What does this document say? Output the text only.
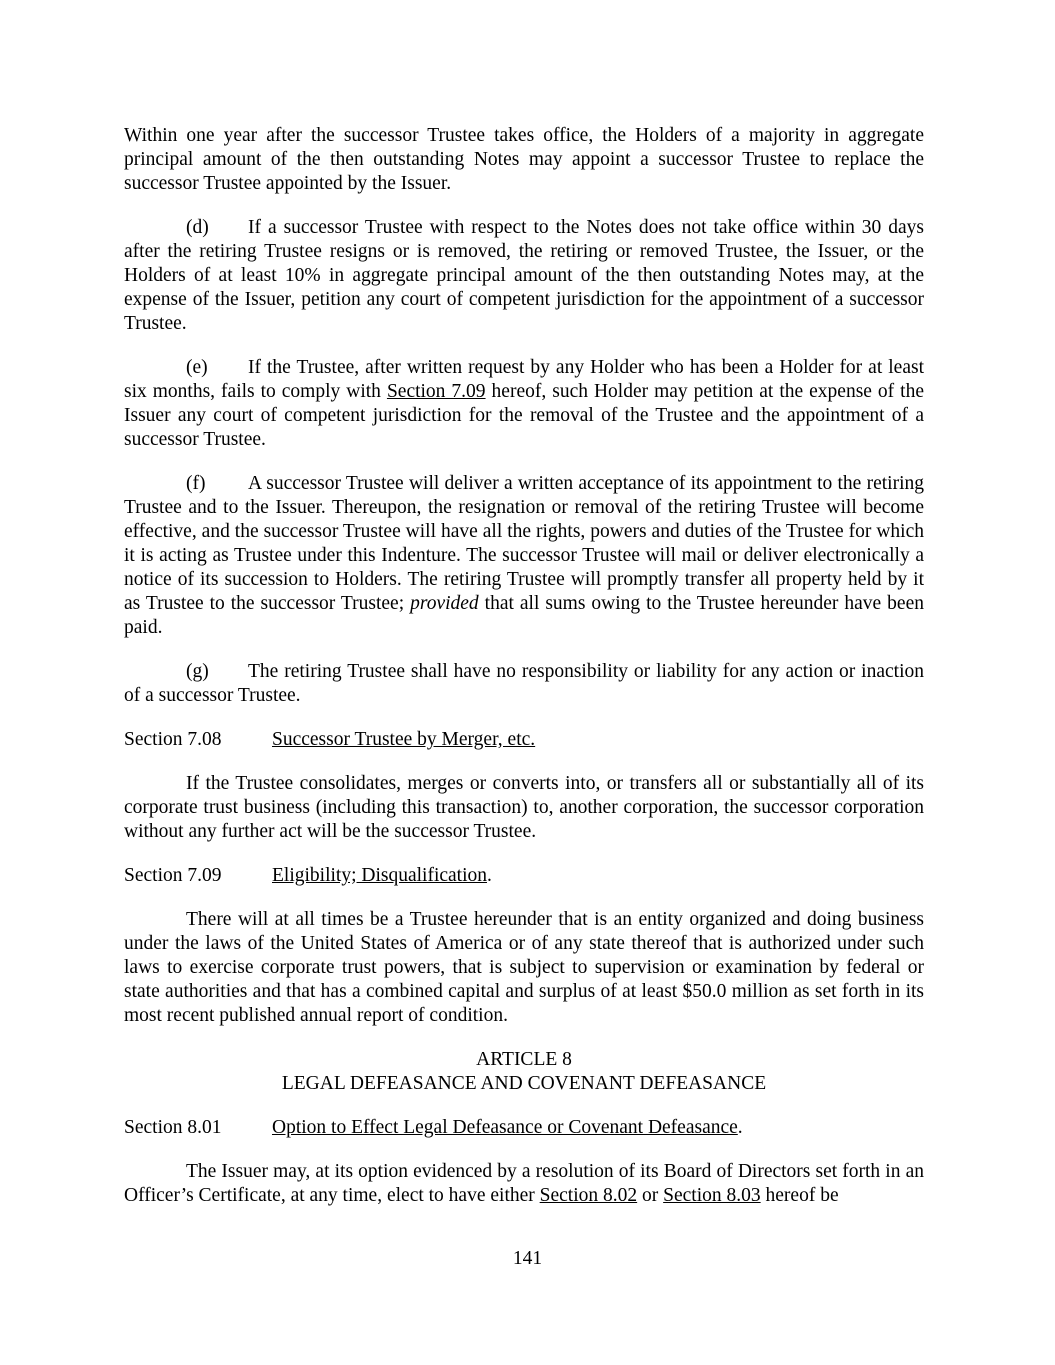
Within one year after the successor Trustee takes office, the Holders of a majority in aggregate principal amount of the then outstanding Notes may appoint a successor Trustee to replace the successor Trustee appointed by the Issuer.

(d) If a successor Trustee with respect to the Notes does not take office within 30 days after the retiring Trustee resigns or is removed, the retiring or removed Trustee, the Issuer, or the Holders of at least 10% in aggregate principal amount of the then outstanding Notes may, at the expense of the Issuer, petition any court of competent jurisdiction for the appointment of a successor Trustee.

(e) If the Trustee, after written request by any Holder who has been a Holder for at least six months, fails to comply with Section 7.09 hereof, such Holder may petition at the expense of the Issuer any court of competent jurisdiction for the removal of the Trustee and the appointment of a successor Trustee.

(f) A successor Trustee will deliver a written acceptance of its appointment to the retiring Trustee and to the Issuer. Thereupon, the resignation or removal of the retiring Trustee will become effective, and the successor Trustee will have all the rights, powers and duties of the Trustee for which it is acting as Trustee under this Indenture. The successor Trustee will mail or deliver electronically a notice of its succession to Holders. The retiring Trustee will promptly transfer all property held by it as Trustee to the successor Trustee; provided that all sums owing to the Trustee hereunder have been paid.

(g) The retiring Trustee shall have no responsibility or liability for any action or inaction of a successor Trustee.

Section 7.08	Successor Trustee by Merger, etc.

If the Trustee consolidates, merges or converts into, or transfers all or substantially all of its corporate trust business (including this transaction) to, another corporation, the successor corporation without any further act will be the successor Trustee.

Section 7.09	Eligibility; Disqualification.

There will at all times be a Trustee hereunder that is an entity organized and doing business under the laws of the United States of America or of any state thereof that is authorized under such laws to exercise corporate trust powers, that is subject to supervision or examination by federal or state authorities and that has a combined capital and surplus of at least $50.0 million as set forth in its most recent published annual report of condition.

ARTICLE 8
LEGAL DEFEASANCE AND COVENANT DEFEASANCE
Section 8.01	Option to Effect Legal Defeasance or Covenant Defeasance.

The Issuer may, at its option evidenced by a resolution of its Board of Directors set forth in an Officer’s Certificate, at any time, elect to have either Section 8.02 or Section 8.03 hereof be

141
